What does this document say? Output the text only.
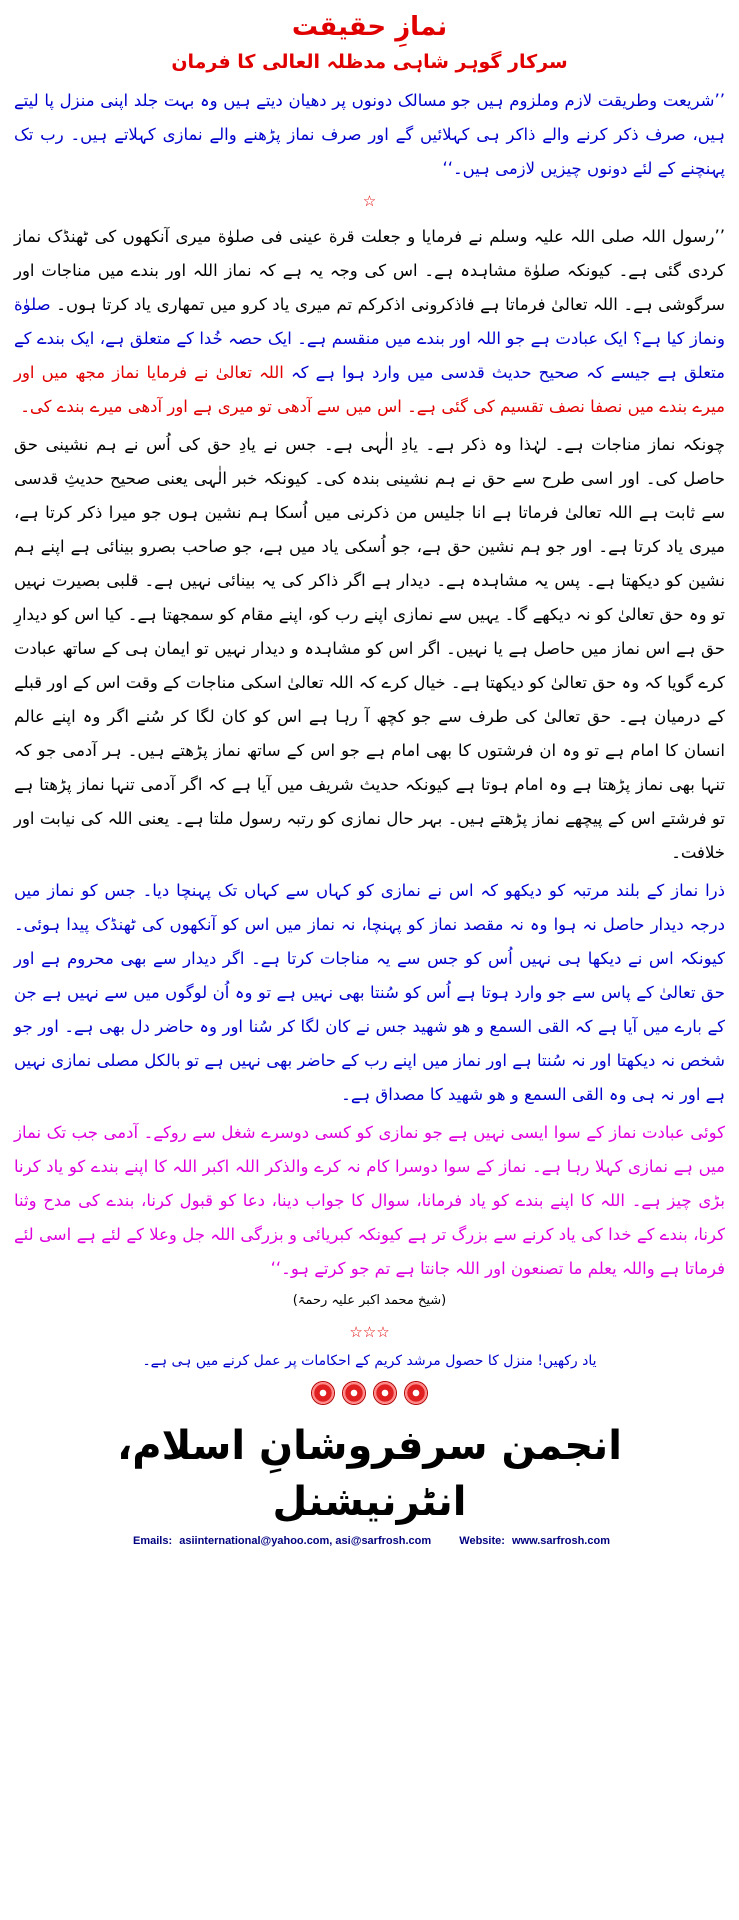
نمازِ حقیقت
سرکار گوہر شاہی مدظلہ العالی کا فرمان
’’شریعت وطریقت لازم وملزوم ہیں جو مسالک دونوں پر دھیان دیتے ہیں وہ بہت جلد اپنی منزل پا لیتے ہیں، صرف ذکر کرنے والے ذاکر ہی کہلائیں گے اور صرف نماز پڑھنے والے نمازی کہلاتے ہیں۔ رب تک پہنچنے کے لئے دونوں چیزیں لازمی ہیں۔‘‘
☆
’’رسول اللہ صلی اللہ علیہ وسلم نے فرمایا و جعلت قرة عینی فی صلوٰة میری آنکھوں کی ٹھنڈک نماز کردی گئی ہے۔ کیونکہ صلوٰة مشاہدہ ہے۔ اس کی وجہ یہ ہے کہ نماز اللہ اور بندے میں مناجات اور سرگوشی ہے۔ اللہ تعالیٰ فرماتا ہے فاذکرونی اذکرکم تم میری یاد کرو میں تمھاری یاد کرتا ہوں۔ صلوٰة ونماز کیا ہے؟ ایک عبادت ہے جو اللہ اور بندے میں منقسم ہے۔ ایک حصہ خُدا کے متعلق ہے، ایک بندے کے متعلق ہے جیسے کہ صحیح حدیث قدسی میں وارد ہوا ہے کہ اللہ تعالیٰ نے فرمایا نماز مجھ میں اور میرے بندے میں نصفا نصف تقسیم کی گئی ہے۔ اس میں سے آدھی تو میری ہے اور آدھی میرے بندے کی۔
چونکہ نماز مناجات ہے۔ لہٰذا وہ ذکر ہے۔ یادِ الٰہی ہے۔ جس نے یادِ حق کی اُس نے ہم نشینی حق حاصل کی۔ اور اسی طرح سے حق نے ہم نشینی بندہ کی۔ کیونکہ خبر الٰہی یعنی صحیح حدیثِ قدسی سے ثابت ہے اللہ تعالیٰ فرماتا ہے انا جلیس من ذکرنی میں اُسکا ہم نشین ہوں جو میرا ذکر کرتا ہے، میری یاد کرتا ہے۔ اور جو ہم نشین حق ہے، جو اُسکی یاد میں ہے، جو صاحب بصرو بینائی ہے اپنے ہم نشین کو دیکھتا ہے۔ پس یہ مشاہدہ ہے۔ دیدار ہے اگر ذاکر کی یہ بینائی نہیں ہے۔ قلبی بصیرت نہیں تو وہ حق تعالیٰ کو نہ دیکھے گا۔ یہیں سے نمازی اپنے رب کو، اپنے مقام کو سمجھتا ہے۔ کیا اس کو دیدارِ حق ہے اس نماز میں حاصل ہے یا نہیں۔ اگر اس کو مشاہدہ و دیدار نہیں تو ایمان ہی کے ساتھ عبادت کرے گویا کہ وہ حق تعالیٰ کو دیکھتا ہے۔ خیال کرے کہ اللہ تعالیٰ اسکی مناجات کے وقت اس کے اور قبلے کے درمیان ہے۔ حق تعالیٰ کی طرف سے جو کچھ آ رہا ہے اس کو کان لگا کر سُنے اگر وہ اپنے عالم انسان کا امام ہے تو وہ ان فرشتوں کا بھی امام ہے جو اس کے ساتھ نماز پڑھتے ہیں۔ ہر آدمی جو کہ تنہا بھی نماز پڑھتا ہے وہ امام ہوتا ہے کیونکہ حدیث شریف میں آیا ہے کہ اگر آدمی تنہا نماز پڑھتا ہے تو فرشتے اس کے پیچھے نماز پڑھتے ہیں۔ بہر حال نمازی کو رتبہ رسول ملتا ہے۔ یعنی اللہ کی نیابت اور خلافت۔
ذرا نماز کے بلند مرتبہ کو دیکھو کہ اس نے نمازی کو کہاں سے کہاں تک پہنچا دیا۔ جس کو نماز میں درجہ دیدار حاصل نہ ہوا وہ نہ مقصد نماز کو پہنچا، نہ نماز میں اس کو آنکھوں کی ٹھنڈک پیدا ہوئی۔ کیونکہ اس نے دیکھا ہی نہیں اُس کو جس سے یہ مناجات کرتا ہے۔ اگر دیدار سے بھی محروم ہے اور حق تعالیٰ کے پاس سے جو وارد ہوتا ہے اُس کو سُنتا بھی نہیں ہے تو وہ اُن لوگوں میں سے نہیں ہے جن کے بارے میں آیا ہے کہ القی السمع و ھو شھید جس نے کان لگا کر سُنا اور وہ حاضر دل بھی ہے۔ اور جو شخص نہ دیکھتا اور نہ سُنتا ہے اور نماز میں اپنے رب کے حاضر بھی نہیں ہے تو بالکل مصلی نمازی نہیں ہے اور نہ ہی وہ القی السمع و ھو شھید کا مصداق ہے۔
کوئی عبادت نماز کے سوا ایسی نہیں ہے جو نمازی کو کسی دوسرے شغل سے روکے۔ آدمی جب تک نماز میں ہے نمازی کہلا رہا ہے۔ نماز کے سوا دوسرا کام نہ کرے والذکر اللہ اکبر اللہ کا اپنے بندے کو یاد کرنا بڑی چیز ہے۔ اللہ کا اپنے بندے کو یاد فرمانا، سوال کا جواب دینا، دعا کو قبول کرنا، بندے کی مدح وثنا کرنا، بندے کے خدا کی یاد کرنے سے بزرگ تر ہے کیونکہ کبریائی و بزرگی اللہ جل وعلا کے لئے ہے اسی لئے فرماتا ہے واللہ یعلم ما تصنعون اور اللہ جانتا ہے تم جو کرتے ہو۔‘‘
(شیخ محمد اکبر علیہ رحمۃ)
☆☆☆
یاد رکھیں! منزل کا حصول مرشد کریم کے احکامات پر عمل کرنے میں ہی ہے۔

انجمن سرفروشانِ اسلام، انٹرنیشنل
Emails: asiinternational@yahoo.com, asi@sarfrosh.com	Website: www.sarfrosh.com
